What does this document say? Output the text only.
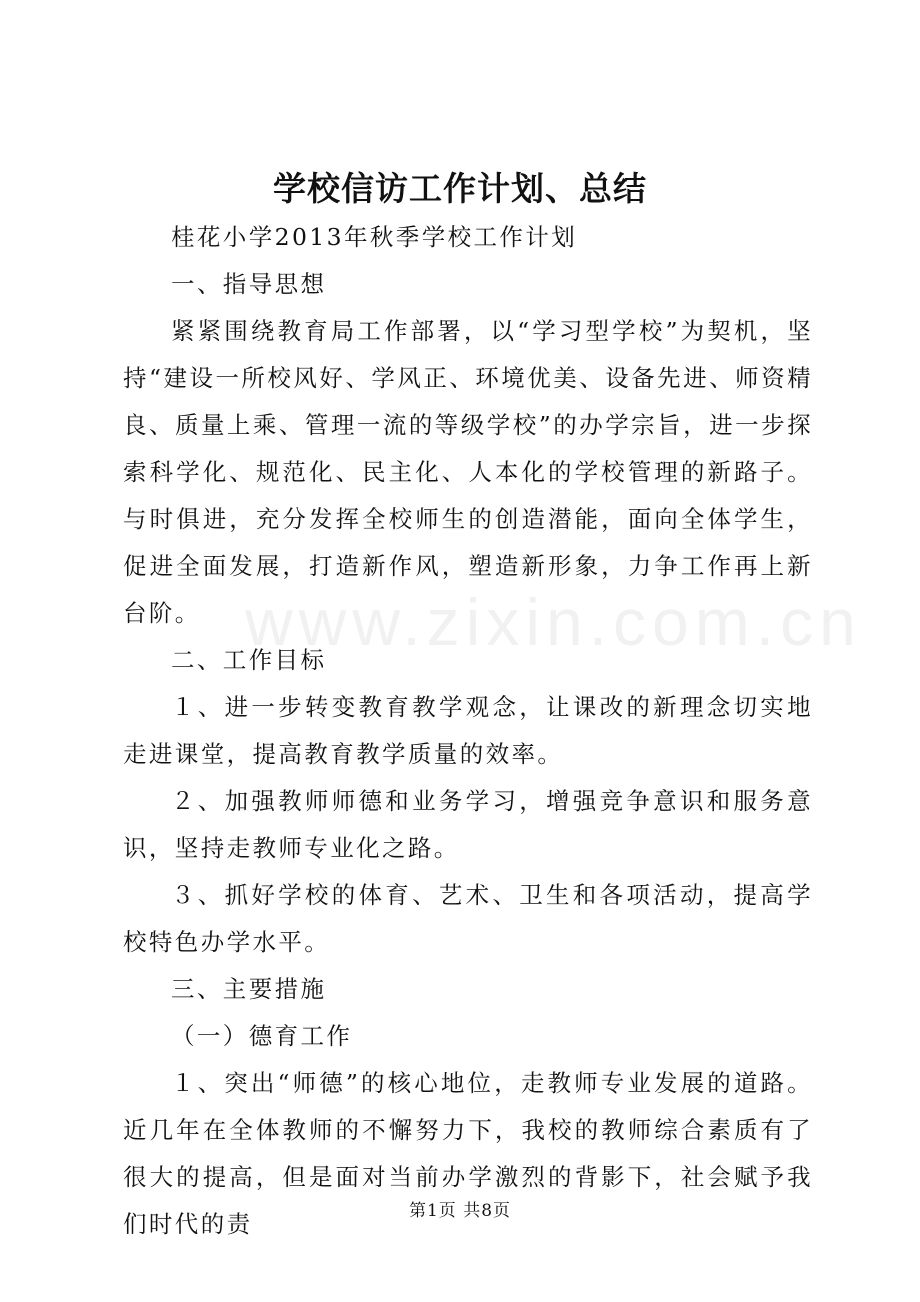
www.zixin.com.cn
学校信访工作计划、总结

桂花小学2013年秋季学校工作计划

一、指导思想

紧紧围绕教育局工作部署，以“学习型学校”为契机，坚持“建设一所校风好、学风正、环境优美、设备先进、师资精良、质量上乘、管理一流的等级学校”的办学宗旨，进一步探索科学化、规范化、民主化、人本化的学校管理的新路子。与时俱进，充分发挥全校师生的创造潜能，面向全体学生，促进全面发展，打造新作风，塑造新形象，力争工作再上新台阶。

二、工作目标

１、进一步转变教育教学观念，让课改的新理念切实地走进课堂，提高教育教学质量的效率。

２、加强教师师德和业务学习，增强竞争意识和服务意识，坚持走教师专业化之路。

３、抓好学校的体育、艺术、卫生和各项活动，提高学校特色办学水平。

三、主要措施

（一）德育工作

１、突出“师德”的核心地位，走教师专业发展的道路。近几年在全体教师的不懈努力下，我校的教师综合素质有了很大的提高，但是面对当前办学激烈的背影下，社会赋予我们时代的责	第1页 共8页
